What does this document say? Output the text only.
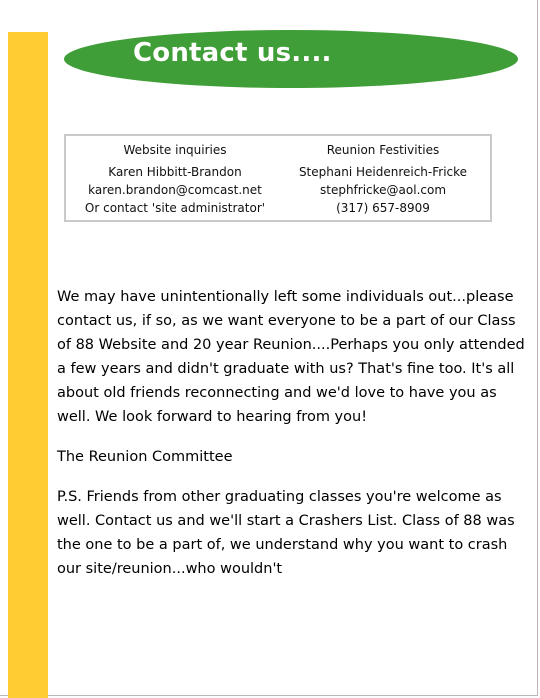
Contact us....
Website inquiries
Karen Hibbitt-Brandon
karen.brandon@comcast.net
Or contact 'site administrator'
Reunion Festivities
Stephani Heidenreich-Fricke
stephfricke@aol.com
(317) 657-8909

We may have unintentionally left some individuals out...please contact us, if so, as we want everyone to be a part of our Class of 88 Website and 20 year Reunion....Perhaps you only attended a few years and didn't graduate with us? That's fine too. It's all about old friends reconnecting and we'd love to have you as well. We look forward to hearing from you!

The Reunion Committee

P.S. Friends from other graduating classes you're welcome as well. Contact us and we'll start a Crashers List. Class of 88 was the one to be a part of, we understand why you want to crash our site/reunion...who wouldn't
